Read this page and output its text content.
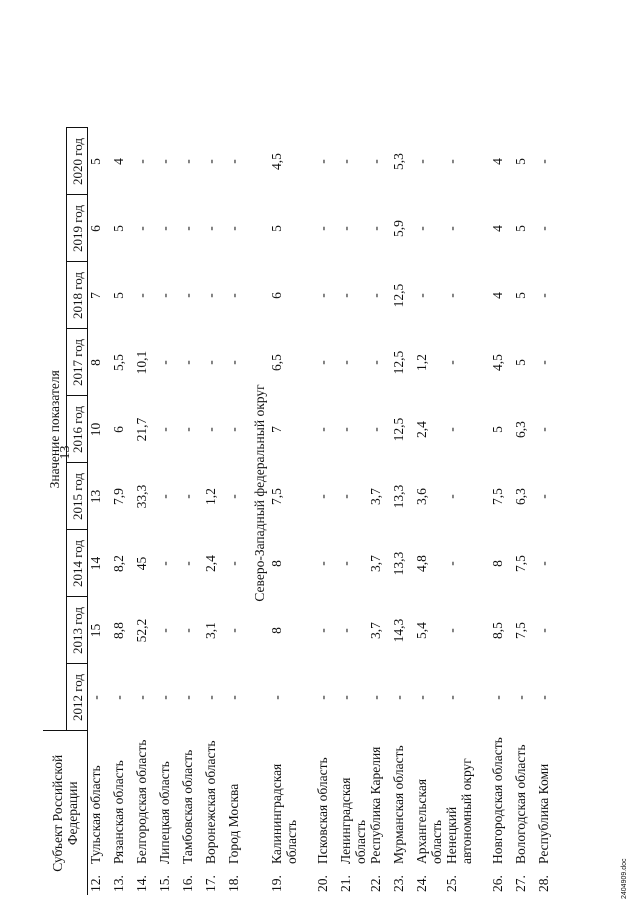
13
Субъект Российской Федерации		Значение показателя								
		2012 год	2013 год	2014 год	2015 год	2016 год	2017 год	2018 год	2019 год	2020 год
12.	Тульская область	-	15	14	13	10	8	7	6	5
13.	Рязанская область	-	8,8	8,2	7,9	6	5,5	5	5	4
14.	Белгородская область	-	52,2	45	33,3	21,7	10,1	-	-	-
15.	Липецкая область	-	-	-	-	-	-	-	-	-
16.	Тамбовская область	-	-	-	-	-	-	-	-	-
17.	Воронежская область	-	3,1	2,4	1,2	-	-	-	-	-
18.	Город Москва	-	-	-	-	-	-	-	-	-
Северо-Западный федеральный округ										
19.	Калининградская область	-	8	8	7,5	7	6,5	6	5	4,5
20.	Псковская область	-	-	-	-	-	-	-	-	-
21.	Ленинградская область	-	-	-	-	-	-	-	-	-
22.	Республика Карелия	-	3,7	3,7	3,7	-	-	-	-	-
23.	Мурманская область	-	14,3	13,3	13,3	12,5	12,5	12,5	5,9	5,3
24.	Архангельская область	-	5,4	4,8	3,6	2,4	1,2	-	-	-
25.	Ненецкий автономный округ	-	-	-	-	-	-	-	-	-
26.	Новгородская область	-	8,5	8	7,5	5	4,5	4	4	4
27.	Вологодская область	-	7,5	7,5	6,3	6,3	5	5	5	5
28.	Республика Коми	-	-	-	-	-	-	-	-	-
2404909.doc
